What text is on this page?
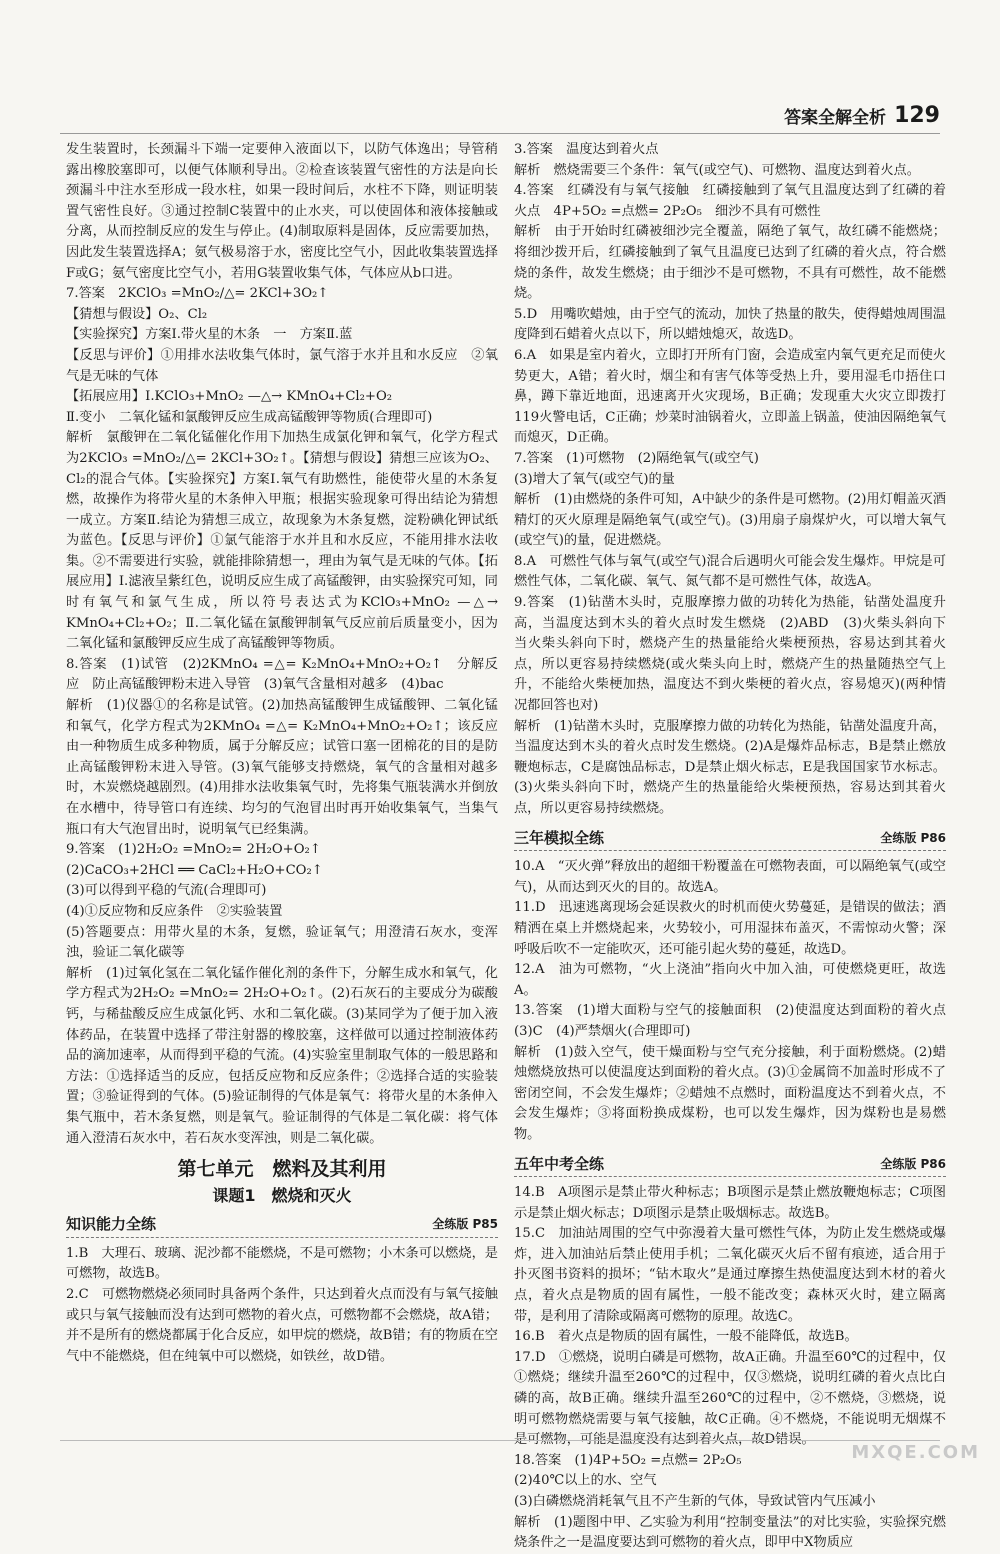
答案全解全析 129

发生装置时，长颈漏斗下端一定要伸入液面以下，以防气体逸出；导管稍露出橡胶塞即可，以便气体顺利导出。②检查该装置气密性的方法是向长颈漏斗中注水至形成一段水柱，如果一段时间后，水柱不下降，则证明装置气密性良好。③通过控制C装置中的止水夹，可以使固体和液体接触或分离，从而控制反应的发生与停止。(4)制取原料是固体，反应需要加热，因此发生装置选择A；氨气极易溶于水，密度比空气小，因此收集装置选择F或G；氨气密度比空气小，若用G装置收集气体，气体应从b口进。

7.答案　2KClO₃ =MnO₂/△= 2KCl+3O₂↑

【猜想与假设】O₂、Cl₂

【实验探究】方案Ⅰ.带火星的木条　一　方案Ⅱ.蓝

【反思与评价】①用排水法收集气体时，氯气溶于水并且和水反应　②氧气是无味的气体

【拓展应用】Ⅰ.KClO₃+MnO₂ —△→ KMnO₄+Cl₂+O₂

Ⅱ.变小　二氧化锰和氯酸钾反应生成高锰酸钾等物质(合理即可)

解析　氯酸钾在二氧化锰催化作用下加热生成氯化钾和氧气，化学方程式为2KClO₃ =MnO₂/△= 2KCl+3O₂↑。【猜想与假设】猜想三应该为O₂、Cl₂的混合气体。【实验探究】方案Ⅰ.氧气有助燃性，能使带火星的木条复燃，故操作为将带火星的木条伸入甲瓶；根据实验现象可得出结论为猜想一成立。方案Ⅱ.结论为猜想三成立，故现象为木条复燃，淀粉碘化钾试纸为蓝色。【反思与评价】①氯气能溶于水并且和水反应，不能用排水法收集。②不需要进行实验，就能排除猜想一，理由为氧气是无味的气体。【拓展应用】Ⅰ.滤液呈紫红色，说明反应生成了高锰酸钾，由实验探究可知，同时有氧气和氯气生成，所以符号表达式为KClO₃+MnO₂ —△→ KMnO₄+Cl₂+O₂；Ⅱ.二氧化锰在氯酸钾制氧气反应前后质量变小，因为二氧化锰和氯酸钾反应生成了高锰酸钾等物质。

8.答案　(1)试管　(2)2KMnO₄ =△= K₂MnO₄+MnO₂+O₂↑　分解反应　防止高锰酸钾粉末进入导管　(3)氧气含量相对越多　(4)bac

解析　(1)仪器①的名称是试管。(2)加热高锰酸钾生成锰酸钾、二氧化锰和氧气，化学方程式为2KMnO₄ =△= K₂MnO₄+MnO₂+O₂↑；该反应由一种物质生成多种物质，属于分解反应；试管口塞一团棉花的目的是防止高锰酸钾粉末进入导管。(3)氧气能够支持燃烧，氧气的含量相对越多时，木炭燃烧越剧烈。(4)用排水法收集氧气时，先将集气瓶装满水并倒放在水槽中，待导管口有连续、均匀的气泡冒出时再开始收集氧气，当集气瓶口有大气泡冒出时，说明氧气已经集满。

9.答案　(1)2H₂O₂ =MnO₂= 2H₂O+O₂↑

(2)CaCO₃+2HCl ══ CaCl₂+H₂O+CO₂↑

(3)可以得到平稳的气流(合理即可)

(4)①反应物和反应条件　②实验装置

(5)答题要点：用带火星的木条，复燃，验证氧气；用澄清石灰水，变浑浊，验证二氧化碳等

解析　(1)过氧化氢在二氧化锰作催化剂的条件下，分解生成水和氧气，化学方程式为2H₂O₂ =MnO₂= 2H₂O+O₂↑。(2)石灰石的主要成分为碳酸钙，与稀盐酸反应生成氯化钙、水和二氧化碳。(3)某同学为了便于加入液体药品，在装置中选择了带注射器的橡胶塞，这样做可以通过控制液体药品的滴加速率，从而得到平稳的气流。(4)实验室里制取气体的一般思路和方法：①选择适当的反应，包括反应物和反应条件；②选择合适的实验装置；③验证得到的气体。(5)验证制得的气体是氧气：将带火星的木条伸入集气瓶中，若木条复燃，则是氧气。验证制得的气体是二氧化碳：将气体通入澄清石灰水中，若石灰水变浑浊，则是二氧化碳。

第七单元　燃料及其利用
课题1　燃烧和灭火
知识能力全练	全练版 P85

1.B　大理石、玻璃、泥沙都不能燃烧，不是可燃物；小木条可以燃烧，是可燃物，故选B。

2.C　可燃物燃烧必须同时具备两个条件，只达到着火点而没有与氧气接触或只与氧气接触而没有达到可燃物的着火点，可燃物都不会燃烧，故A错；并不是所有的燃烧都属于化合反应，如甲烷的燃烧，故B错；有的物质在空气中不能燃烧，但在纯氧中可以燃烧，如铁丝，故D错。

3.答案　温度达到着火点

解析　燃烧需要三个条件：氧气(或空气)、可燃物、温度达到着火点。

4.答案　红磷没有与氧气接触　红磷接触到了氧气且温度达到了红磷的着火点　4P+5O₂ =点燃= 2P₂O₅　细沙不具有可燃性

解析　由于开始时红磷被细沙完全覆盖，隔绝了氧气，故红磷不能燃烧；将细沙拨开后，红磷接触到了氧气且温度已达到了红磷的着火点，符合燃烧的条件，故发生燃烧；由于细沙不是可燃物，不具有可燃性，故不能燃烧。

5.D　用嘴吹蜡烛，由于空气的流动，加快了热量的散失，使得蜡烛周围温度降到石蜡着火点以下，所以蜡烛熄灭，故选D。

6.A　如果是室内着火，立即打开所有门窗，会造成室内氧气更充足而使火势更大，A错；着火时，烟尘和有害气体等受热上升，要用湿毛巾捂住口鼻，蹲下靠近地面，迅速离开火灾现场，B正确；发现重大火灾立即拨打119火警电话，C正确；炒菜时油锅着火，立即盖上锅盖，使油因隔绝氧气而熄灭，D正确。

7.答案　(1)可燃物　(2)隔绝氧气(或空气)

(3)增大了氧气(或空气)的量

解析　(1)由燃烧的条件可知，A中缺少的条件是可燃物。(2)用灯帽盖灭酒精灯的灭火原理是隔绝氧气(或空气)。(3)用扇子扇煤炉火，可以增大氧气(或空气)的量，促进燃烧。

8.A　可燃性气体与氧气(或空气)混合后遇明火可能会发生爆炸。甲烷是可燃性气体，二氧化碳、氧气、氮气都不是可燃性气体，故选A。

9.答案　(1)钻凿木头时，克服摩擦力做的功转化为热能，钻凿处温度升高，当温度达到木头的着火点时发生燃烧　(2)ABD　(3)火柴头斜向下　当火柴头斜向下时，燃烧产生的热量能给火柴梗预热，容易达到其着火点，所以更容易持续燃烧(或火柴头向上时，燃烧产生的热量随热空气上升，不能给火柴梗加热，温度达不到火柴梗的着火点，容易熄灭)(两种情况都回答也对)

解析　(1)钻凿木头时，克服摩擦力做的功转化为热能，钻凿处温度升高，当温度达到木头的着火点时发生燃烧。(2)A是爆炸品标志，B是禁止燃放鞭炮标志，C是腐蚀品标志，D是禁止烟火标志，E是我国国家节水标志。(3)火柴头斜向下时，燃烧产生的热量能给火柴梗预热，容易达到其着火点，所以更容易持续燃烧。

三年模拟全练	全练版 P86

10.A　“灭火弹”释放出的超细干粉覆盖在可燃物表面，可以隔绝氧气(或空气)，从而达到灭火的目的。故选A。

11.D　迅速逃离现场会延误救火的时机而使火势蔓延，是错误的做法；酒精洒在桌上并燃烧起来，火势较小，可用湿抹布盖灭，不需惊动火警；深呼吸后吹不一定能吹灭，还可能引起火势的蔓延，故选D。

12.A　油为可燃物，“火上浇油”指向火中加入油，可使燃烧更旺，故选A。

13.答案　(1)增大面粉与空气的接触面积　(2)使温度达到面粉的着火点　(3)C　(4)严禁烟火(合理即可)

解析　(1)鼓入空气，使干燥面粉与空气充分接触，利于面粉燃烧。(2)蜡烛燃烧放热可以使温度达到面粉的着火点。(3)①金属筒不加盖时形成不了密闭空间，不会发生爆炸；②蜡烛不点燃时，面粉温度达不到着火点，不会发生爆炸；③将面粉换成煤粉，也可以发生爆炸，因为煤粉也是易燃物。

五年中考全练	全练版 P86

14.B　A项图示是禁止带火种标志；B项图示是禁止燃放鞭炮标志；C项图示是禁止烟火标志；D项图示是禁止吸烟标志。故选B。

15.C　加油站周围的空气中弥漫着大量可燃性气体，为防止发生燃烧或爆炸，进入加油站后禁止使用手机；二氧化碳灭火后不留有痕迹，适合用于扑灭图书资料的损坏；“钻木取火”是通过摩擦生热使温度达到木材的着火点，着火点是物质的固有属性，一般不能改变；森林灭火时，建立隔离带，是利用了清除或隔离可燃物的原理。故选C。

16.B　着火点是物质的固有属性，一般不能降低，故选B。

17.D　①燃烧，说明白磷是可燃物，故A正确。升温至60℃的过程中，仅①燃烧；继续升温至260℃的过程中，仅③燃烧，说明红磷的着火点比白磷的高，故B正确。继续升温至260℃的过程中，②不燃烧，③燃烧，说明可燃物燃烧需要与氧气接触，故C正确。④不燃烧，不能说明无烟煤不是可燃物，可能是温度没有达到着火点，故D错误。

18.答案　(1)4P+5O₂ =点燃= 2P₂O₅

(2)40℃以上的水、空气

(3)白磷燃烧消耗氧气且不产生新的气体，导致试管内气压减小

解析　(1)题图中甲、乙实验为利用“控制变量法”的对比实验，实验探究燃烧条件之一是温度要达到可燃物的着火点，即甲中X物质应

MXQE.COM
